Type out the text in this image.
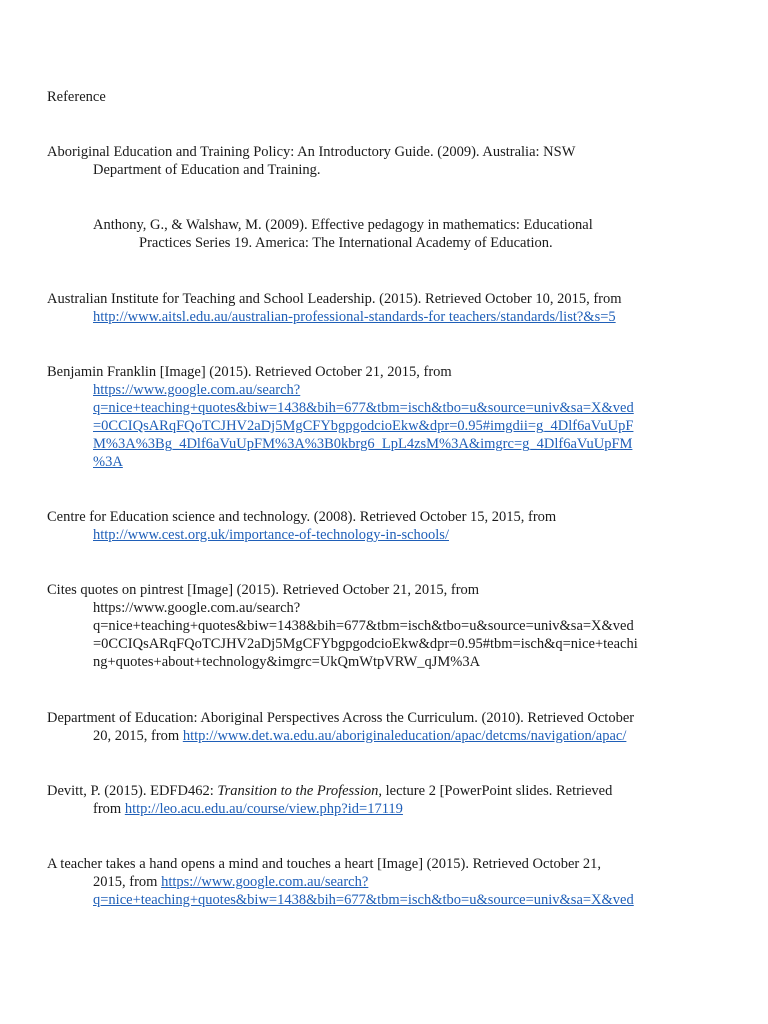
Reference
Aboriginal Education and Training Policy: An Introductory Guide. (2009). Australia: NSW
Department of Education and Training.
Anthony, G., & Walshaw, M. (2009). Effective pedagogy in mathematics: Educational
Practices Series 19. America: The International Academy of Education.
Australian Institute for Teaching and School Leadership. (2015). Retrieved October 10, 2015, from
http://www.aitsl.edu.au/australian-professional-standards-for teachers/standards/list?&s=5
Benjamin Franklin [Image] (2015). Retrieved October 21, 2015, from
https://www.google.com.au/search?
q=nice+teaching+quotes&biw=1438&bih=677&tbm=isch&tbo=u&source=univ&sa=X&ved
=0CCIQsARqFQoTCJHV2aDj5MgCFYbgpgodcioEkw&dpr=0.95#imgdii=g_4Dlf6aVuUpF
M%3A%3Bg_4Dlf6aVuUpFM%3A%3B0kbrg6_LpL4zsM%3A&imgrc=g_4Dlf6aVuUpFM
%3A
Centre for Education science and technology. (2008). Retrieved October 15, 2015, from
http://www.cest.org.uk/importance-of-technology-in-schools/
Cites quotes on pintrest [Image] (2015). Retrieved October 21, 2015, from
https://www.google.com.au/search?
q=nice+teaching+quotes&biw=1438&bih=677&tbm=isch&tbo=u&source=univ&sa=X&ved
=0CCIQsARqFQoTCJHV2aDj5MgCFYbgpgodcioEkw&dpr=0.95#tbm=isch&q=nice+teachi
ng+quotes+about+technology&imgrc=UkQmWtpVRW_qJM%3A
Department of Education: Aboriginal Perspectives Across the Curriculum. (2010). Retrieved October
20, 2015, from http://www.det.wa.edu.au/aboriginaleducation/apac/detcms/navigation/apac/
Devitt, P. (2015). EDFD462: Transition to the Profession, lecture 2 [PowerPoint slides. Retrieved
from http://leo.acu.edu.au/course/view.php?id=17119
A teacher takes a hand opens a mind and touches a heart [Image] (2015). Retrieved October 21,
2015, from https://www.google.com.au/search?
q=nice+teaching+quotes&biw=1438&bih=677&tbm=isch&tbo=u&source=univ&sa=X&ved
